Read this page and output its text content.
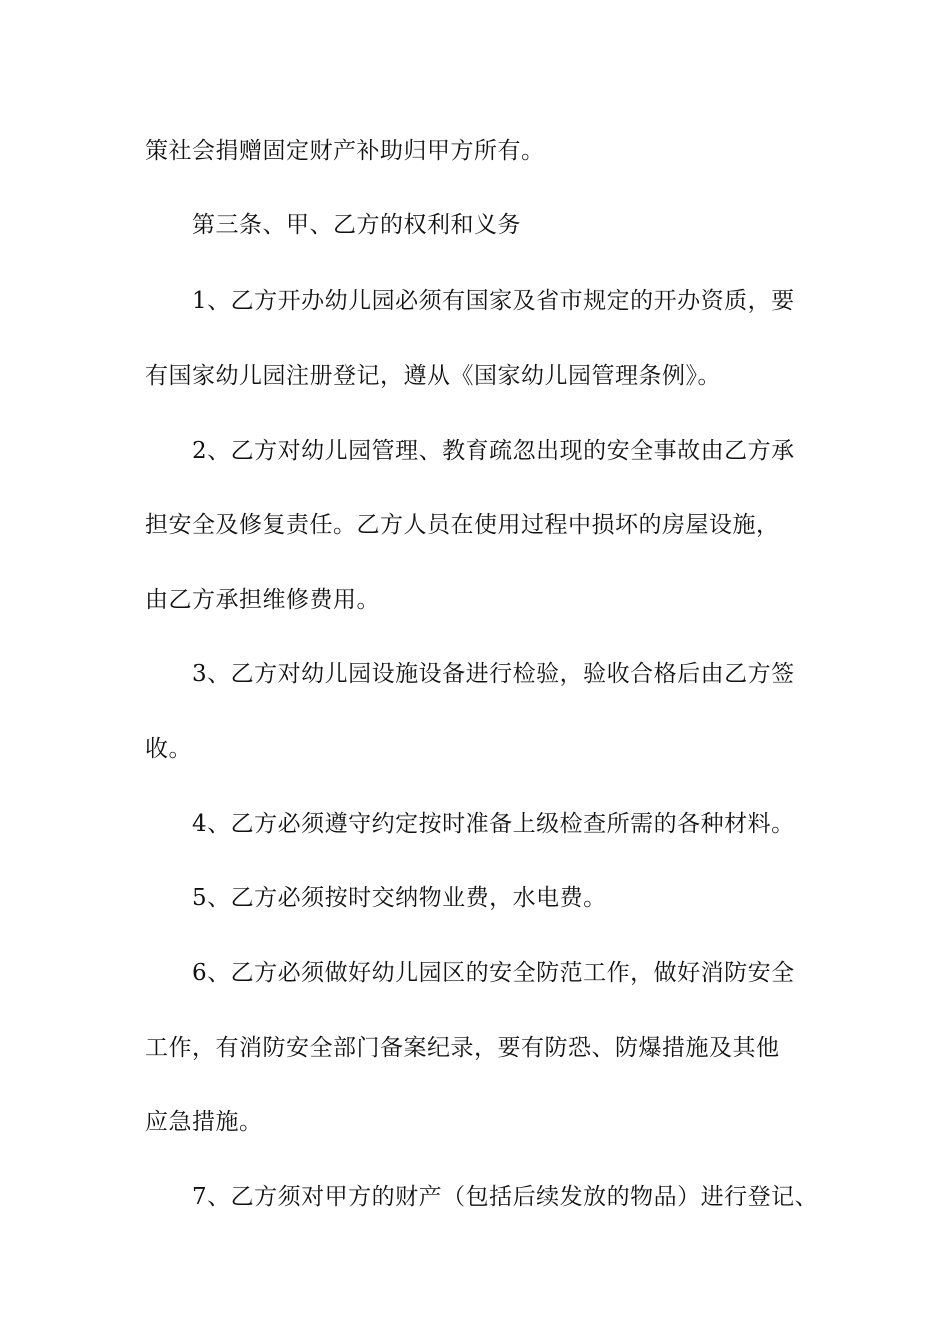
策社会捐赠固定财产补助归甲方所有。
第三条、甲、乙方的权利和义务
1、乙方开办幼儿园必须有国家及省市规定的开办资质，要
有国家幼儿园注册登记，遵从《国家幼儿园管理条例》。
2、乙方对幼儿园管理、教育疏忽出现的安全事故由乙方承
担安全及修复责任。乙方人员在使用过程中损坏的房屋设施，
由乙方承担维修费用。
3、乙方对幼儿园设施设备进行检验，验收合格后由乙方签
收。
4、乙方必须遵守约定按时准备上级检查所需的各种材料。
5、乙方必须按时交纳物业费，水电费。
6、乙方必须做好幼儿园区的安全防范工作，做好消防安全
工作，有消防安全部门备案纪录，要有防恐、防爆措施及其他
应急措施。
7、乙方须对甲方的财产（包括后续发放的物品）进行登记、
